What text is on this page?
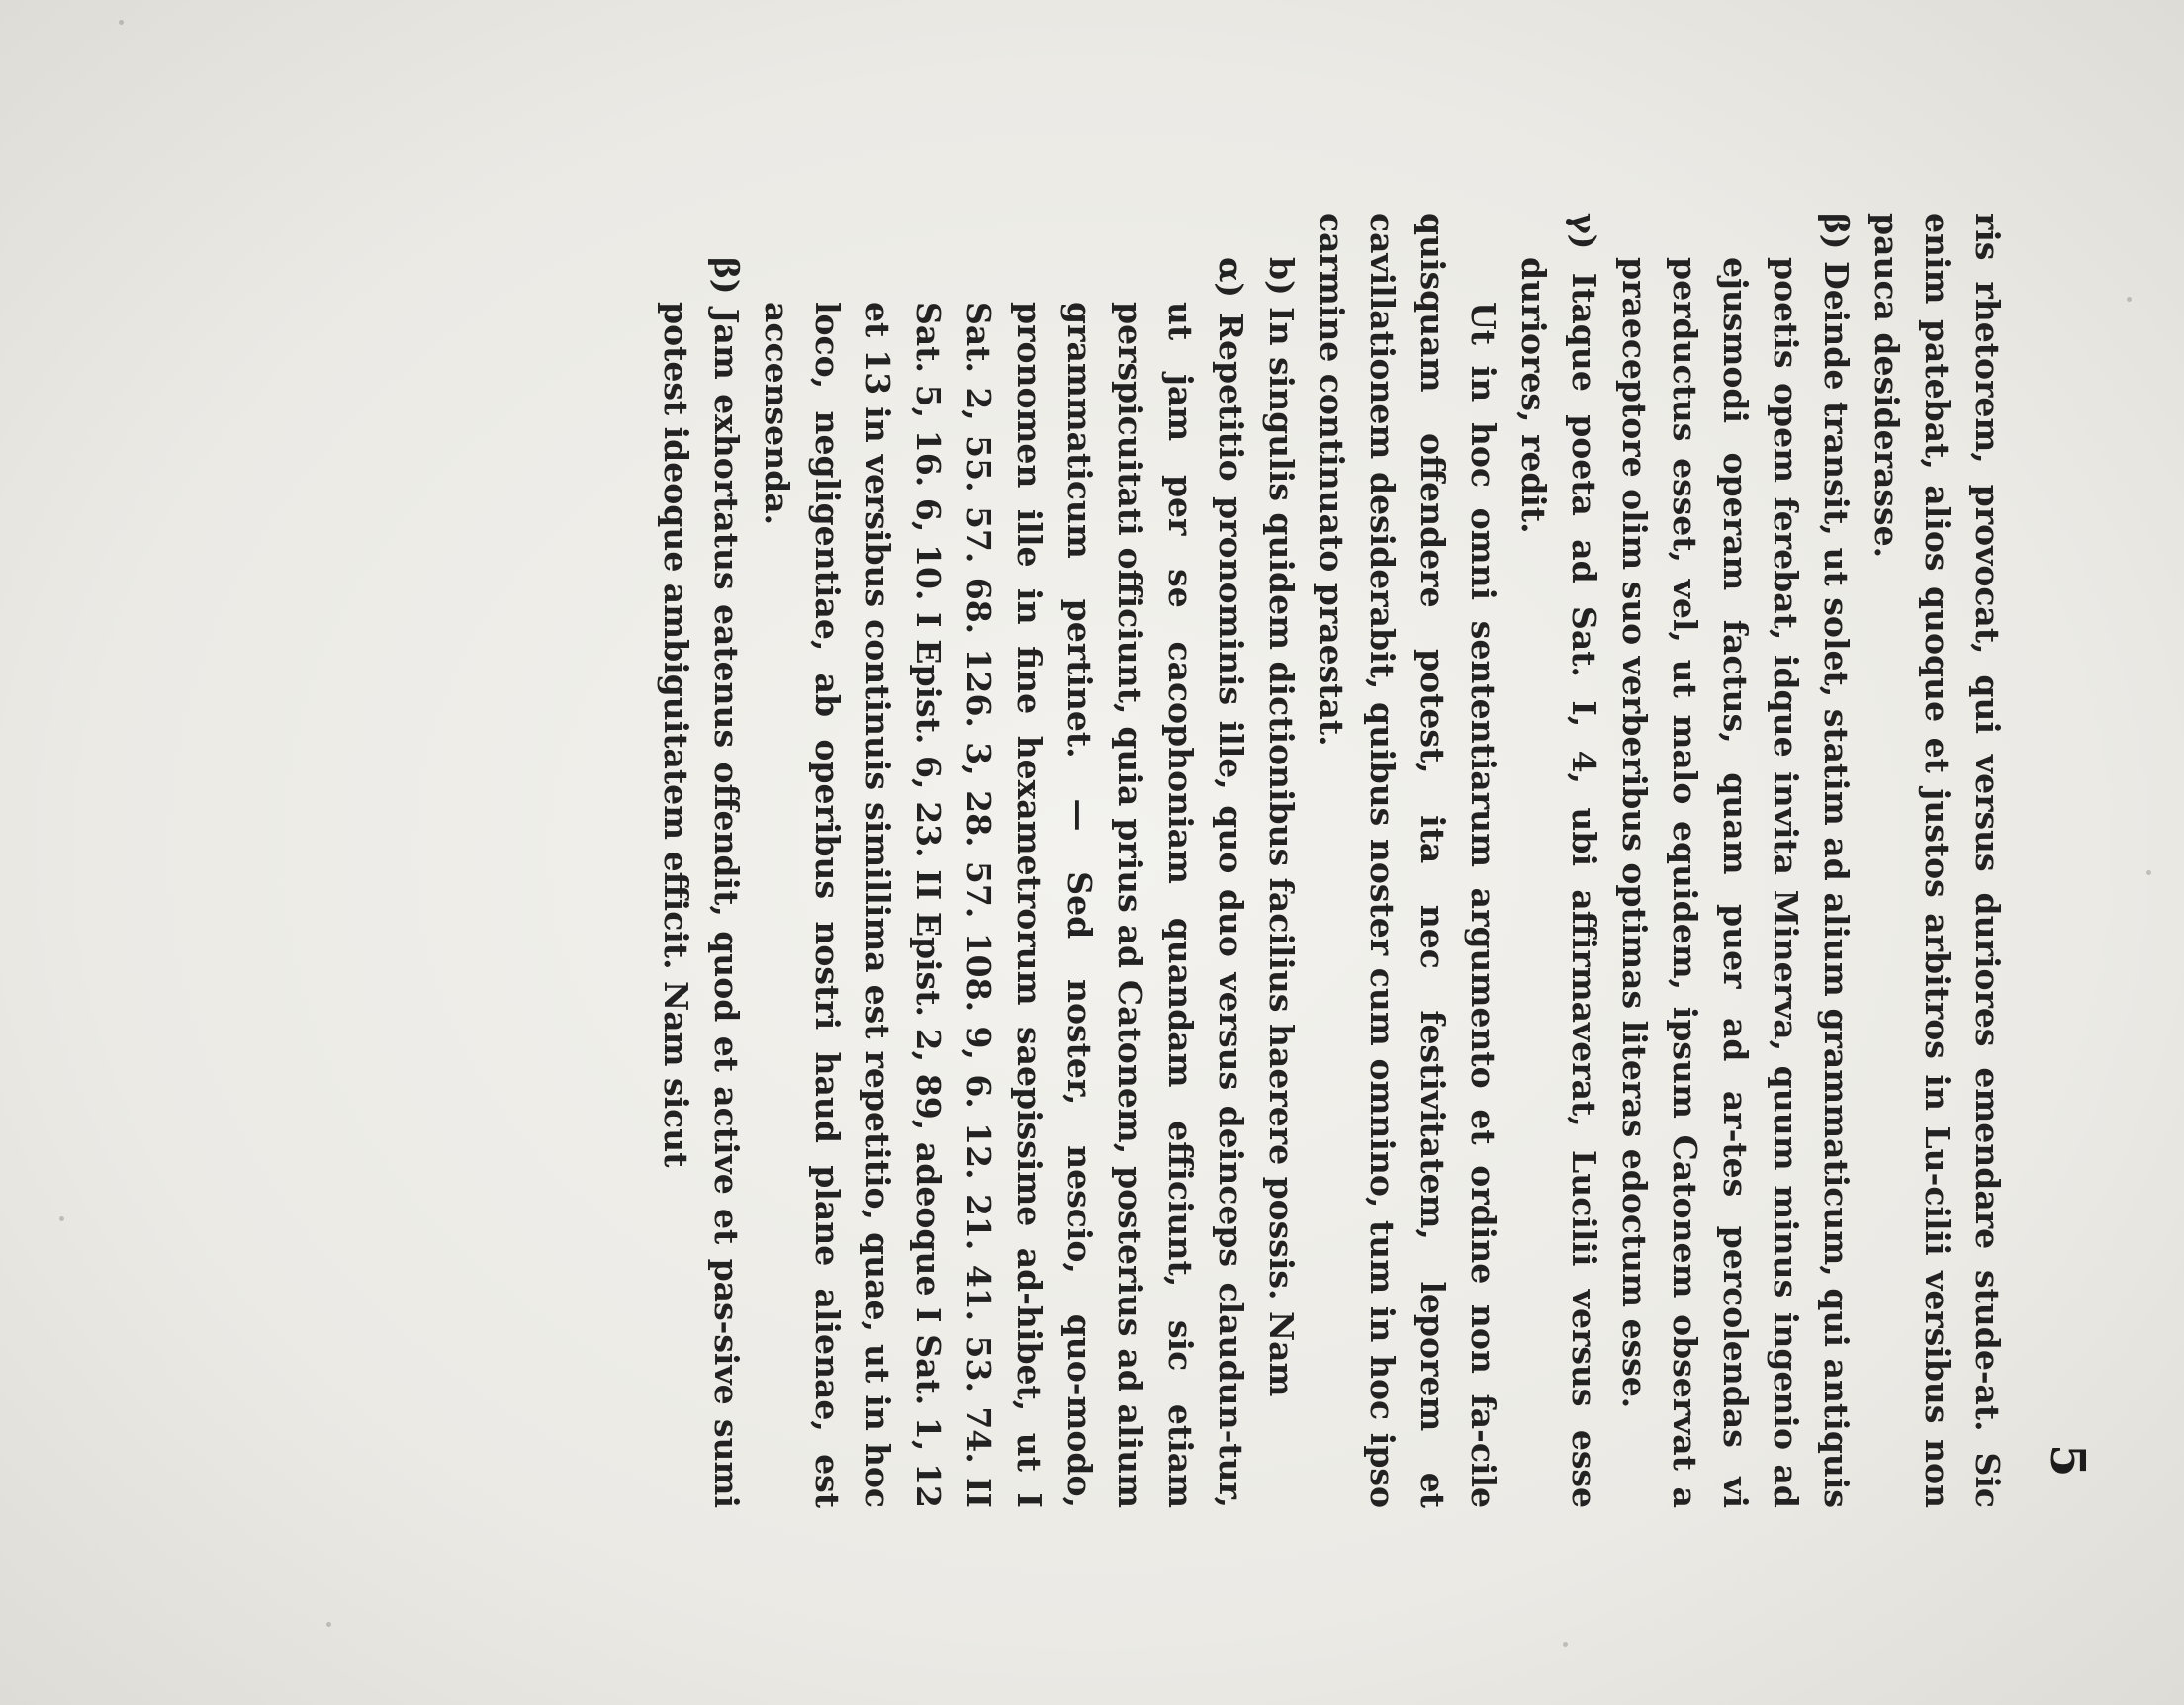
5

ris rhetorem, provocat, qui versus duriores emendare stude-at. Sic enim patebat, alios quoque et justos arbitros in Lu-cilii versibus non pauca desiderasse.

β) Deinde transit, ut solet, statim ad alium grammaticum, qui antiquis poetis opem ferebat, idque invita Minerva, quum minus ingenio ad ejusmodi operam factus, quam puer ad ar-tes percolendas vi perductus esset, vel, ut malo equidem, ipsum Catonem observat a praeceptore olim suo verberibus optimas literas edoctum esse.

γ) Itaque poeta ad Sat. I, 4, ubi affirmaverat, Lucilii versus esse duriores, redit.

Ut in hoc omni sententiarum argumento et ordine non fa-cile quisquam offendere potest, ita nec festivitatem, leporem et cavillationem desiderabit, quibus noster cum omnino, tum in hoc ipso carmine continuato praestat.

b) In singulis quidem dictionibus facilius haerere possis. Nam

α) Repetitio pronominis ille, quo duo versus deinceps claudun-tur, ut jam per se cacophoniam quandam efficiunt, sic etiam perspicuitati officiunt, quia prius ad Catonem, posterius ad alium grammaticum pertinet. — Sed noster, nescio, quo-modo, pronomen ille in fine hexametrorum saepissime ad-hibet, ut I Sat. 2, 55. 57. 68. 126. 3, 28. 57. 108. 9, 6. 12. 21. 41. 53. 74. II Sat. 5, 16. 6, 10. I Epist. 6, 23. II Epist. 2, 89, adeoque I Sat. 1, 12 et 13 in versibus continuis simillima est repetitio, quae, ut in hoc loco, negligentiae, ab operibus nostri haud plane alienae, est accensenda.

β) Jam exhortatus eatenus offendit, quod et active et pas-sive sumi potest ideoque ambiguitatem efficit. Nam sicut
